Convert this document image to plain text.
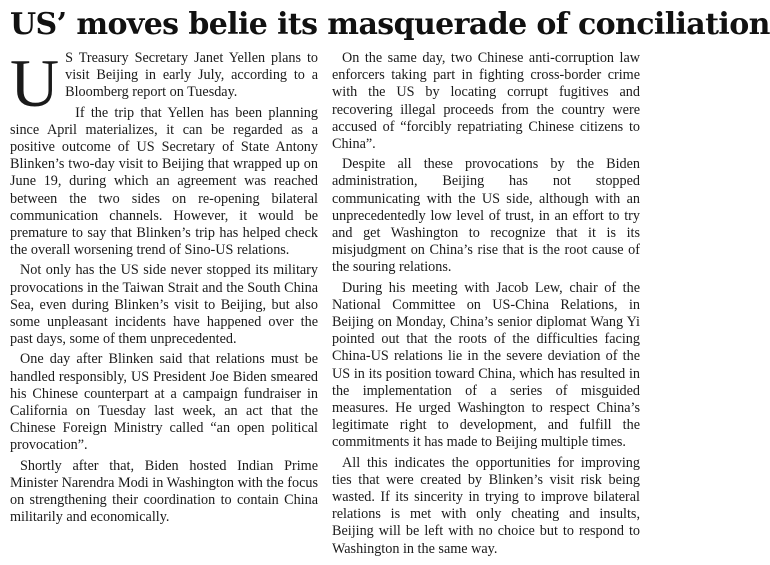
US’ moves belie its masquerade of conciliation

U S Treasury Secretary Janet Yellen plans to visit Beijing in early July, according to a Bloomberg report on Tuesday.

If the trip that Yellen has been planning since April materializes, it can be regarded as a positive outcome of US Secretary of State Antony Blinken’s two-day visit to Beijing that wrapped up on June 19, during which an agreement was reached between the two sides on re-opening bilateral communication channels. However, it would be premature to say that Blinken’s trip has helped check the overall worsening trend of Sino-US relations.

Not only has the US side never stopped its military provocations in the Taiwan Strait and the South China Sea, even during Blinken’s visit to Beijing, but also some unpleasant incidents have happened over the past days, some of them unprecedented.

One day after Blinken said that relations must be handled responsibly, US President Joe Biden smeared his Chinese counterpart at a campaign fundraiser in California on Tuesday last week, an act that the Chinese Foreign Ministry called “an open political provocation”.

Shortly after that, Biden hosted Indian Prime Minister Narendra Modi in Washington with the focus on strengthening their coordination to contain China militarily and economically.

On the same day, two Chinese anti-corruption law enforcers taking part in fighting cross-border crime with the US by locating corrupt fugitives and recovering illegal proceeds from the country were accused of “forcibly repatriating Chinese citizens to China”.

Despite all these provocations by the Biden administration, Beijing has not stopped communicating with the US side, although with an unprecedentedly low level of trust, in an effort to try and get Washington to recognize that it is its misjudgment on China’s rise that is the root cause of the souring relations.

During his meeting with Jacob Lew, chair of the National Committee on US-China Relations, in Beijing on Monday, China’s senior diplomat Wang Yi pointed out that the roots of the difficulties facing China-US relations lie in the severe deviation of the US in its position toward China, which has resulted in the implementation of a series of misguided measures. He urged Washington to respect China’s legitimate right to development, and fulfill the commitments it has made to Beijing multiple times.

All this indicates the opportunities for improving ties that were created by Blinken’s visit risk being wasted. If its sincerity in trying to improve bilateral relations is met with only cheating and insults, Beijing will be left with no choice but to respond to Washington in the same way.
